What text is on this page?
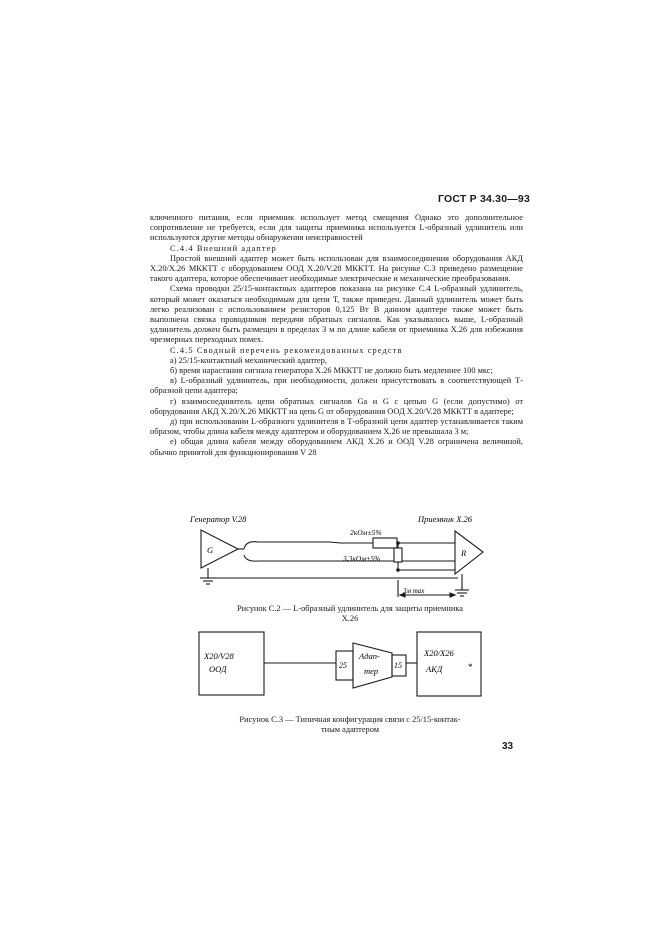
ГОСТ Р 34.30—93

ключенного питания, если приемник использует метод смещения Однако это дополнительное сопротивление не требуется, если для защиты приемника используется L-образный удлинитель или используются другие методы обнаружения неисправностей

С.4.4 Внешний адаптер

Простой внешний адаптер может быть использован для взаимосоединения оборудования АКД Х.20/Х.26 МККТТ с оборудованием ООД Х.20/V.28 МККТТ. На рисунке С.3 приведено размещение такого адаптера, которое обеспечивает необходимые электрические и механические преобразования.

Схема проводки 25/15-контактных адаптеров показана на рисунке С.4 L-образный удлинитель, который может оказаться необходимым для цепи Т, также приведен. Данный удлинитель может быть легко реализован с использованием резисторов 0,125 Вт В данном адаптере также может быть выполнена связка проводников передачи обратных сигналов. Как указывалось выше, L-образный удлинитель должен быть размещен в пределах 3 м по длине кабеля от приемника Х.26 для избежания чрезмерных переходных помех.

С.4.5 Сводный перечень рекомендованных средств

а) 25/15-контактный механический адаптер,

б) время нарастания сигнала генератора Х.26 МККТТ не должно быть медленнее 100 мкс;

в) L-образный удлинитель, при необходимости, должен присутствовать в соответствующей Т-образной цепи адаптера;

г) взаимосоединитель цепи обратных сигналов Ga и G с цепью G (если допустимо) от оборудования АКД Х.20/Х.26 МККТТ на цепь G от оборудования ООД Х.20/V.28 МККТТ в адаптере;

д) при использовании L-образного удлинителя в Т-образной цепи адаптер устанавливается таким образом, чтобы длина кабеля между адаптером и оборудованием Х.26 не превышала 3 м;

е) общая длина кабеля между оборудованием АКД Х.26 и ООД V.28 ограничена величиной, обычно принятой для функционирования V 28

Генератор V.28	Приемник Х.26
G	R
2кОм±5%
3,3кОм±5%
3м max
Х20/V28
ООД	25
Адап-
тер
15
Х20/Х26
АКД	*
Рисунок С.2 — L-образный удлинитель для защиты приемника
Х.26
Рисунок С.3 — Типичная конфигурация связи с 25/15-контак-
тным адаптером
33
